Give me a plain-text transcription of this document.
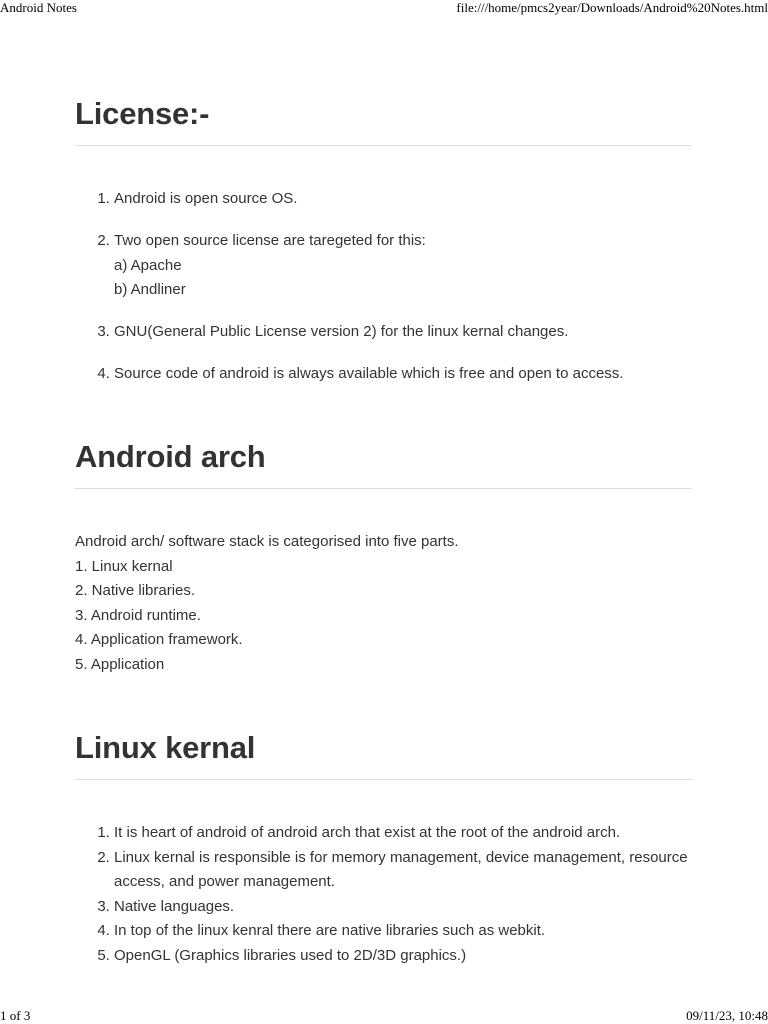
Android Notes	file:///home/pmcs2year/Downloads/Android%20Notes.html
License:-
1. Android is open source OS.
2. Two open source license are taregeted for this:
a) Apache
b) Andliner
3. GNU(General Public License version 2) for the linux kernal changes.
4. Source code of android is always available which is free and open to access.
Android arch
Android arch/ software stack is categorised into five parts.
1. Linux kernal
2. Native libraries.
3. Android runtime.
4. Application framework.
5. Application
Linux kernal
1. It is heart of android of android arch that exist at the root of the android arch.
2. Linux kernal is responsible is for memory management, device management, resource access, and power management.
3. Native languages.
4. In top of the linux kenral there are native libraries such as webkit.
5. OpenGL (Graphics libraries used to 2D/3D graphics.)
1 of 3	09/11/23, 10:48
